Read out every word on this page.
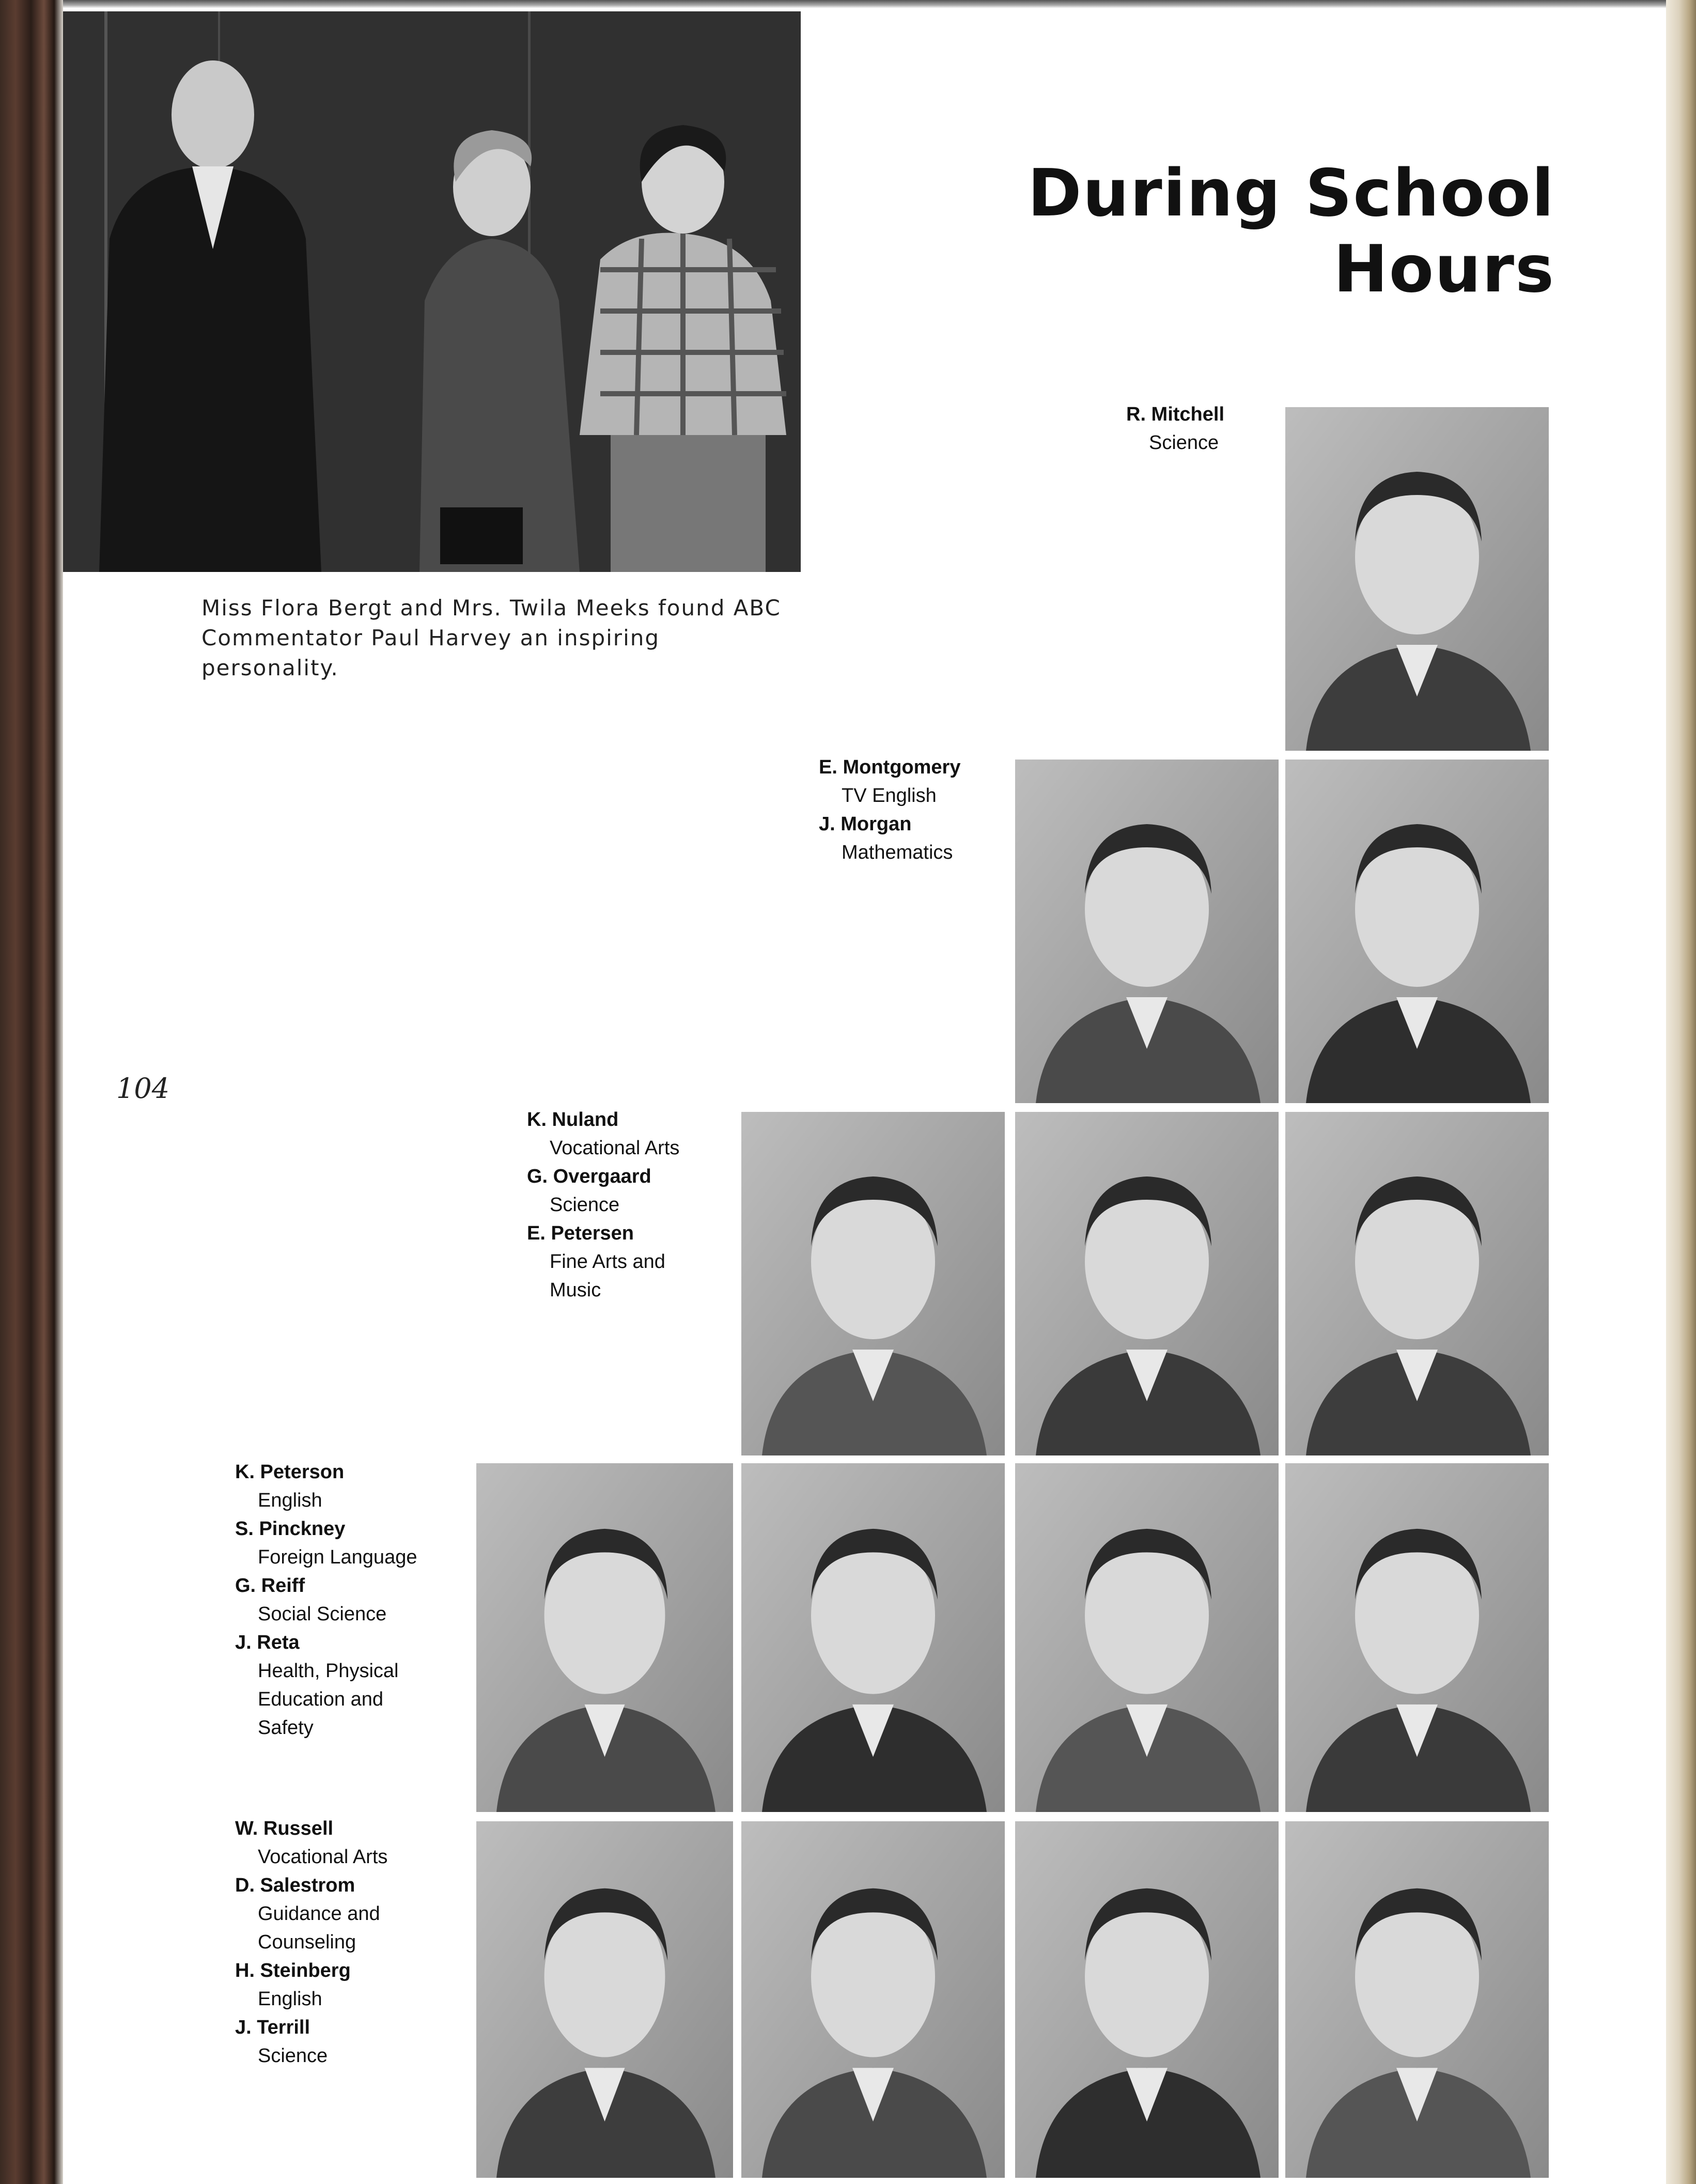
During School Hours
Miss Flora Bergt and Mrs. Twila Meeks found ABC
Commentator Paul Harvey an inspiring personality.
104
R. Mitchell
Science
E. Montgomery
TV English
J. Morgan
Mathematics
K. Nuland
Vocational Arts
G. Overgaard
Science
E. Petersen
Fine Arts and
Music
K. Peterson
English
S. Pinckney
Foreign Language
G. Reiff
Social Science
J. Reta
Health, Physical
Education and
Safety
W. Russell
Vocational Arts
D. Salestrom
Guidance and
Counseling
H. Steinberg
English
J. Terrill
Science
